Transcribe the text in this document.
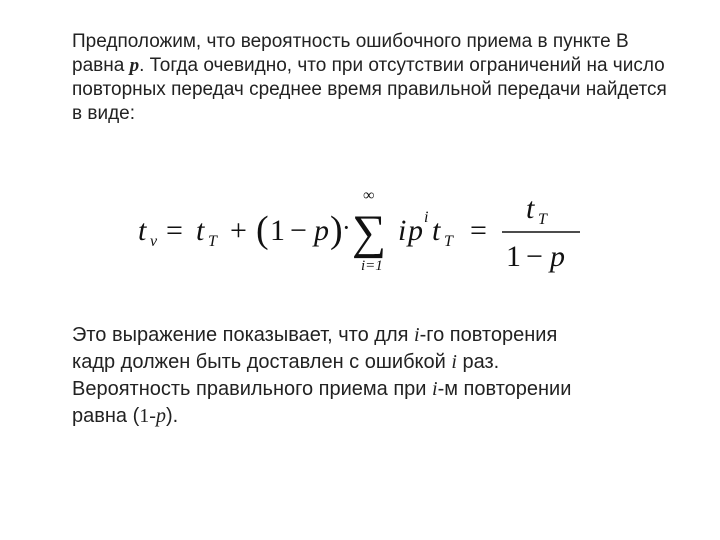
Предположим, что вероятность ошибочного приема в пункте В равна p. Тогда очевидно, что при отсутствии ограничений на число повторных передач среднее время правильной передачи найдется в виде:

t v = t T + ( 1 − p ) ·
∞
∑
i=1
i p i t T =
t T
1 − p
Это выражение показывает, что для i-го повторения
кадр должен быть доставлен с ошибкой i раз.
Вероятность правильного приема при i-м повторении
равна (1-p).
